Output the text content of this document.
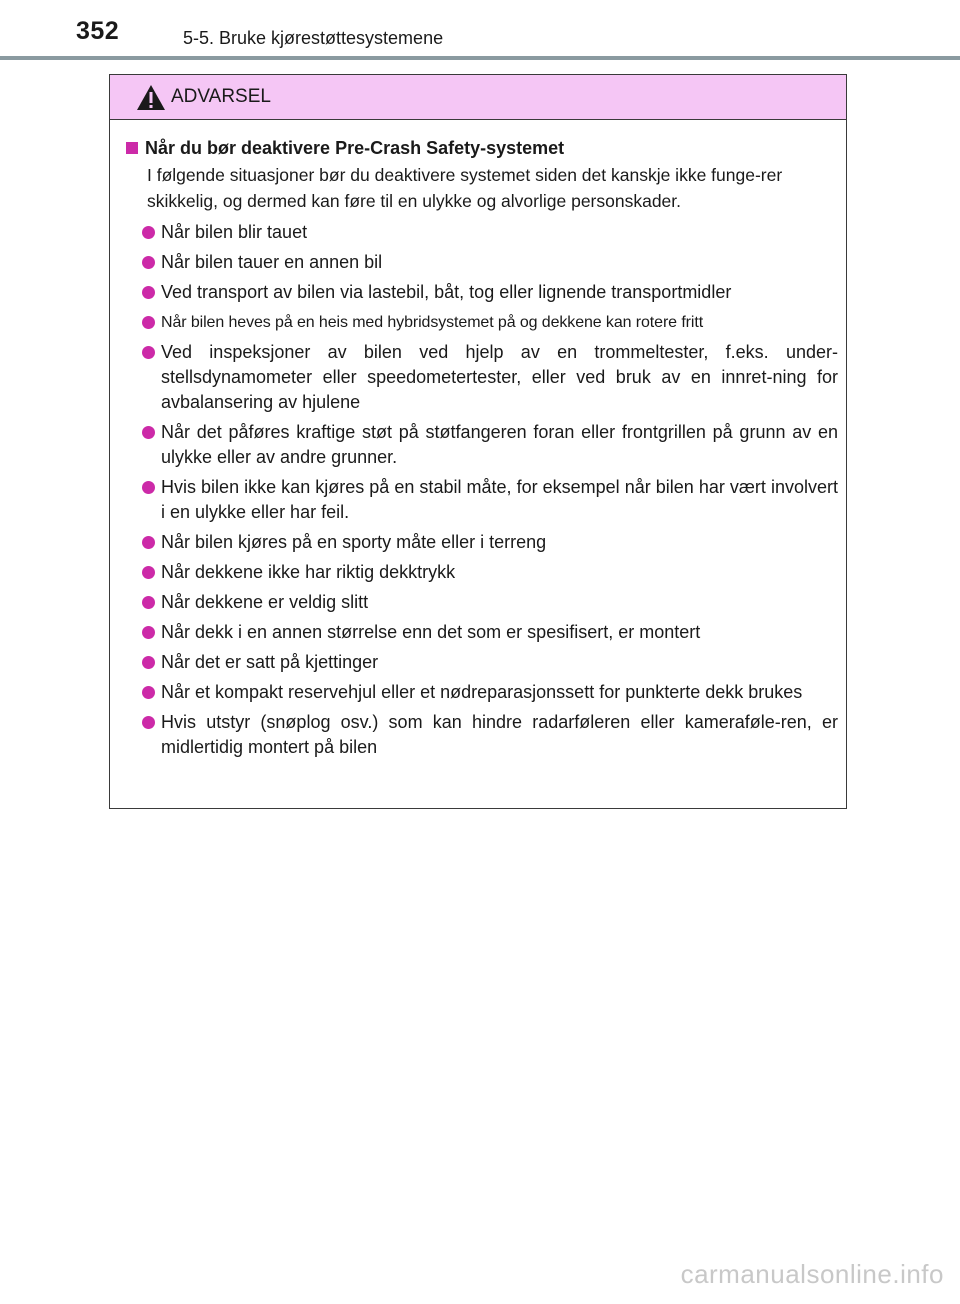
352	5-5. Bruke kjørestøttesystemene
ADVARSEL
Når du bør deaktivere Pre-Crash Safety-systemet
I følgende situasjoner bør du deaktivere systemet siden det kanskje ikke funge-rer skikkelig, og dermed kan føre til en ulykke og alvorlige personskader.
Når bilen blir tauet
Når bilen tauer en annen bil
Ved transport av bilen via lastebil, båt, tog eller lignende transportmidler
Når bilen heves på en heis med hybridsystemet på og dekkene kan rotere fritt
Ved inspeksjoner av bilen ved hjelp av en trommeltester, f.eks. under-stellsdynamometer eller speedometertester, eller ved bruk av en innret-ning for avbalansering av hjulene
Når det påføres kraftige støt på støtfangeren foran eller frontgrillen på grunn av en ulykke eller av andre grunner.
Hvis bilen ikke kan kjøres på en stabil måte, for eksempel når bilen har vært involvert i en ulykke eller har feil.
Når bilen kjøres på en sporty måte eller i terreng
Når dekkene ikke har riktig dekktrykk
Når dekkene er veldig slitt
Når dekk i en annen størrelse enn det som er spesifisert, er montert
Når det er satt på kjettinger
Når et kompakt reservehjul eller et nødreparasjonssett for punkterte dekk brukes
Hvis utstyr (snøplog osv.) som kan hindre radarføleren eller kameraføle-ren, er midlertidig montert på bilen
carmanualsonline.info
